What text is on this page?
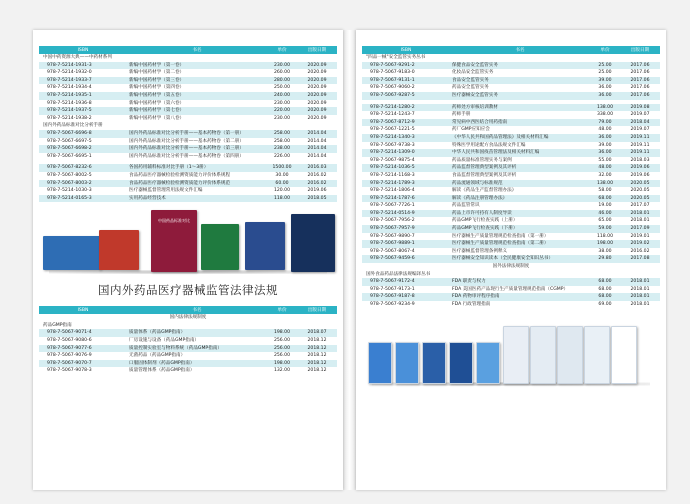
ISBN	书名	单价	出版日期
中国中药资源大典——中药材系列			
978-7-5214-1931-3	新编中国药材学（第一卷）	230.00	2020.09
978-7-5214-1932-0	新编中国药材学（第二卷）	260.00	2020.09
978-7-5214-1933-7	新编中国药材学（第三卷）	280.00	2020.09
978-7-5214-1934-4	新编中国药材学（第四卷）	250.00	2020.09
978-7-5214-1935-1	新编中国药材学（第五卷）	240.00	2020.09
978-7-5214-1936-8	新编中国药材学（第六卷）	230.00	2020.09
978-7-5214-1937-5	新编中国药材学（第七卷）	220.00	2020.09
978-7-5214-1938-2	新编中国药材学（第八卷）	230.00	2020.09
国内外药品标准对比分析手册			
978-7-5067-6696-8	国内外药品标准对比分析手册——基本药物卷（第一册）	258.00	2014.04
978-7-5067-6697-5	国内外药品标准对比分析手册——基本药物卷（第二册）	258.00	2014.04
978-7-5067-6698-2	国内外药品标准对比分析手册——基本药物卷（第三册）	238.00	2014.04
978-7-5067-6695-1	国内外药品标准对比分析手册——基本药物卷（第四册）	226.00	2014.04

978-7-5067-8232-6	各国药用辅料标准对比手册（1～3册）	1500.00	2016.03
978-7-5067-8002-5	食品药品医疗器械检验检测资质能力评价体系规程	30.00	2016.02
978-7-5067-8003-2	食品药品医疗器械检验检测资质能力评价体系规范	60.00	2016.02
978-7-5214-1030-3	医疗器械监督管理常用法规文件汇编	120.00	2019.06
978-7-5214-0165-3	实用药品经营技术	118.00	2018.05
中国药品标准对比
国内外药品医疗器械监管法律法规
ISBN	书名	单价	出版日期
国内法律法规制度			
药品GMP指南			
978-7-5067-9071-4	质量体系（药品GMP指南）	198.00	2018.07
978-7-5067-9080-6	厂房设施与设备（药品GMP指南）	256.00	2018.12
978-7-5067-9077-6	质量控制实验室与物料系统（药品GMP指南）	256.00	2018.12
978-7-5067-9076-9	无菌药品（药品GMP指南）	256.00	2018.12
978-7-5067-9070-7	口服固体制剂（药品GMP指南）	198.00	2018.12
978-7-5067-9078-3	质量管理体系（药品GMP指南）	132.00	2018.12
ISBN	书名	单价	出版日期
"四品一械"安全监管实务丛书			
978-7-5067-9291-2	保健食品安全监管实务	25.00	2017.06
978-7-5067-9183-0	化妆品安全监管实务	25.00	2017.06
978-7-5067-9131-1	食品安全监管实务	39.00	2017.06
978-7-5067-9060-2	药品安全监管实务	36.00	2017.06
978-7-5067-9287-5	医疗器械安全监管实务	36.00	2017.06

978-7-5214-1280-2	药师处方审核培训教材	138.00	2019.08
978-7-5214-1243-7	药师手册	338.00	2019.07
978-7-5067-8712-9	常见病中西医结合用药指南	79.00	2018.04
978-7-5067-1221-5	药厂GMP应知应会	48.00	2019.07
978-7-5214-1340-3	《中华人民共和国药品管理法》及相关材料汇编	36.00	2019.11
978-7-5067-9738-3	特殊医学用途配方食品法规文件汇编	39.00	2019.11
978-7-5214-1309-0	中华人民共和国疫苗管理法及相关材料汇编	36.00	2019.11
978-7-5067-9875-4	药品质量标准管理实务与案例	55.00	2018.03
978-7-5214-1036-5	药品监督管理典型案例及其评析	48.00	2019.06
978-7-5214-1168-3	食品监督管理典型案例及其评析	32.00	2019.06
978-7-5214-1789-3	药品流通领域与标准规范	138.00	2020.05
978-7-5214-1806-4	解读《药品生产监督管理办法》	58.00	2020.05
978-7-5214-1787-6	解读《药品注册管理办法》	68.00	2020.05
978-7-5067-7726-1	药品监管常识	19.00	2017.07
978-7-5214-0514-9	药品上市许可持有人制度导读	46.00	2018.01
978-7-5067-7956-2	药品GMP飞行检查实践（上册）	65.00	2018.01
978-7-5067-7957-9	药品GMP飞行检查实践（下册）	59.00	2017.09
978-7-5067-9890-7	医疗器械生产质量管理规范检查指南（第一册）	118.00	2019.01
978-7-5067-9889-1	医疗器械生产质量管理规范检查指南（第二册）	198.00	2019.02
978-7-5067-8067-4	医疗器械监督管理条例释义	38.00	2016.02
978-7-5067-9459-6	医疗器械安全知识读本（全民健康安全知识丛书）	29.80	2017.08
国外法律法规制度			
国外食品药品法律法规编译丛书			
978-7-5067-9172-4	FDA 职责与权力	68.00	2018.01
978-7-5067-9173-1	FDA 美国医药产品现行生产质量管理规范指南（CGMP）	68.00	2018.01
978-7-5067-9187-8	FDA 药物审评程序指南	68.00	2018.01
978-7-5067-9234-9	FDA 行政管理指南	69.00	2018.01
